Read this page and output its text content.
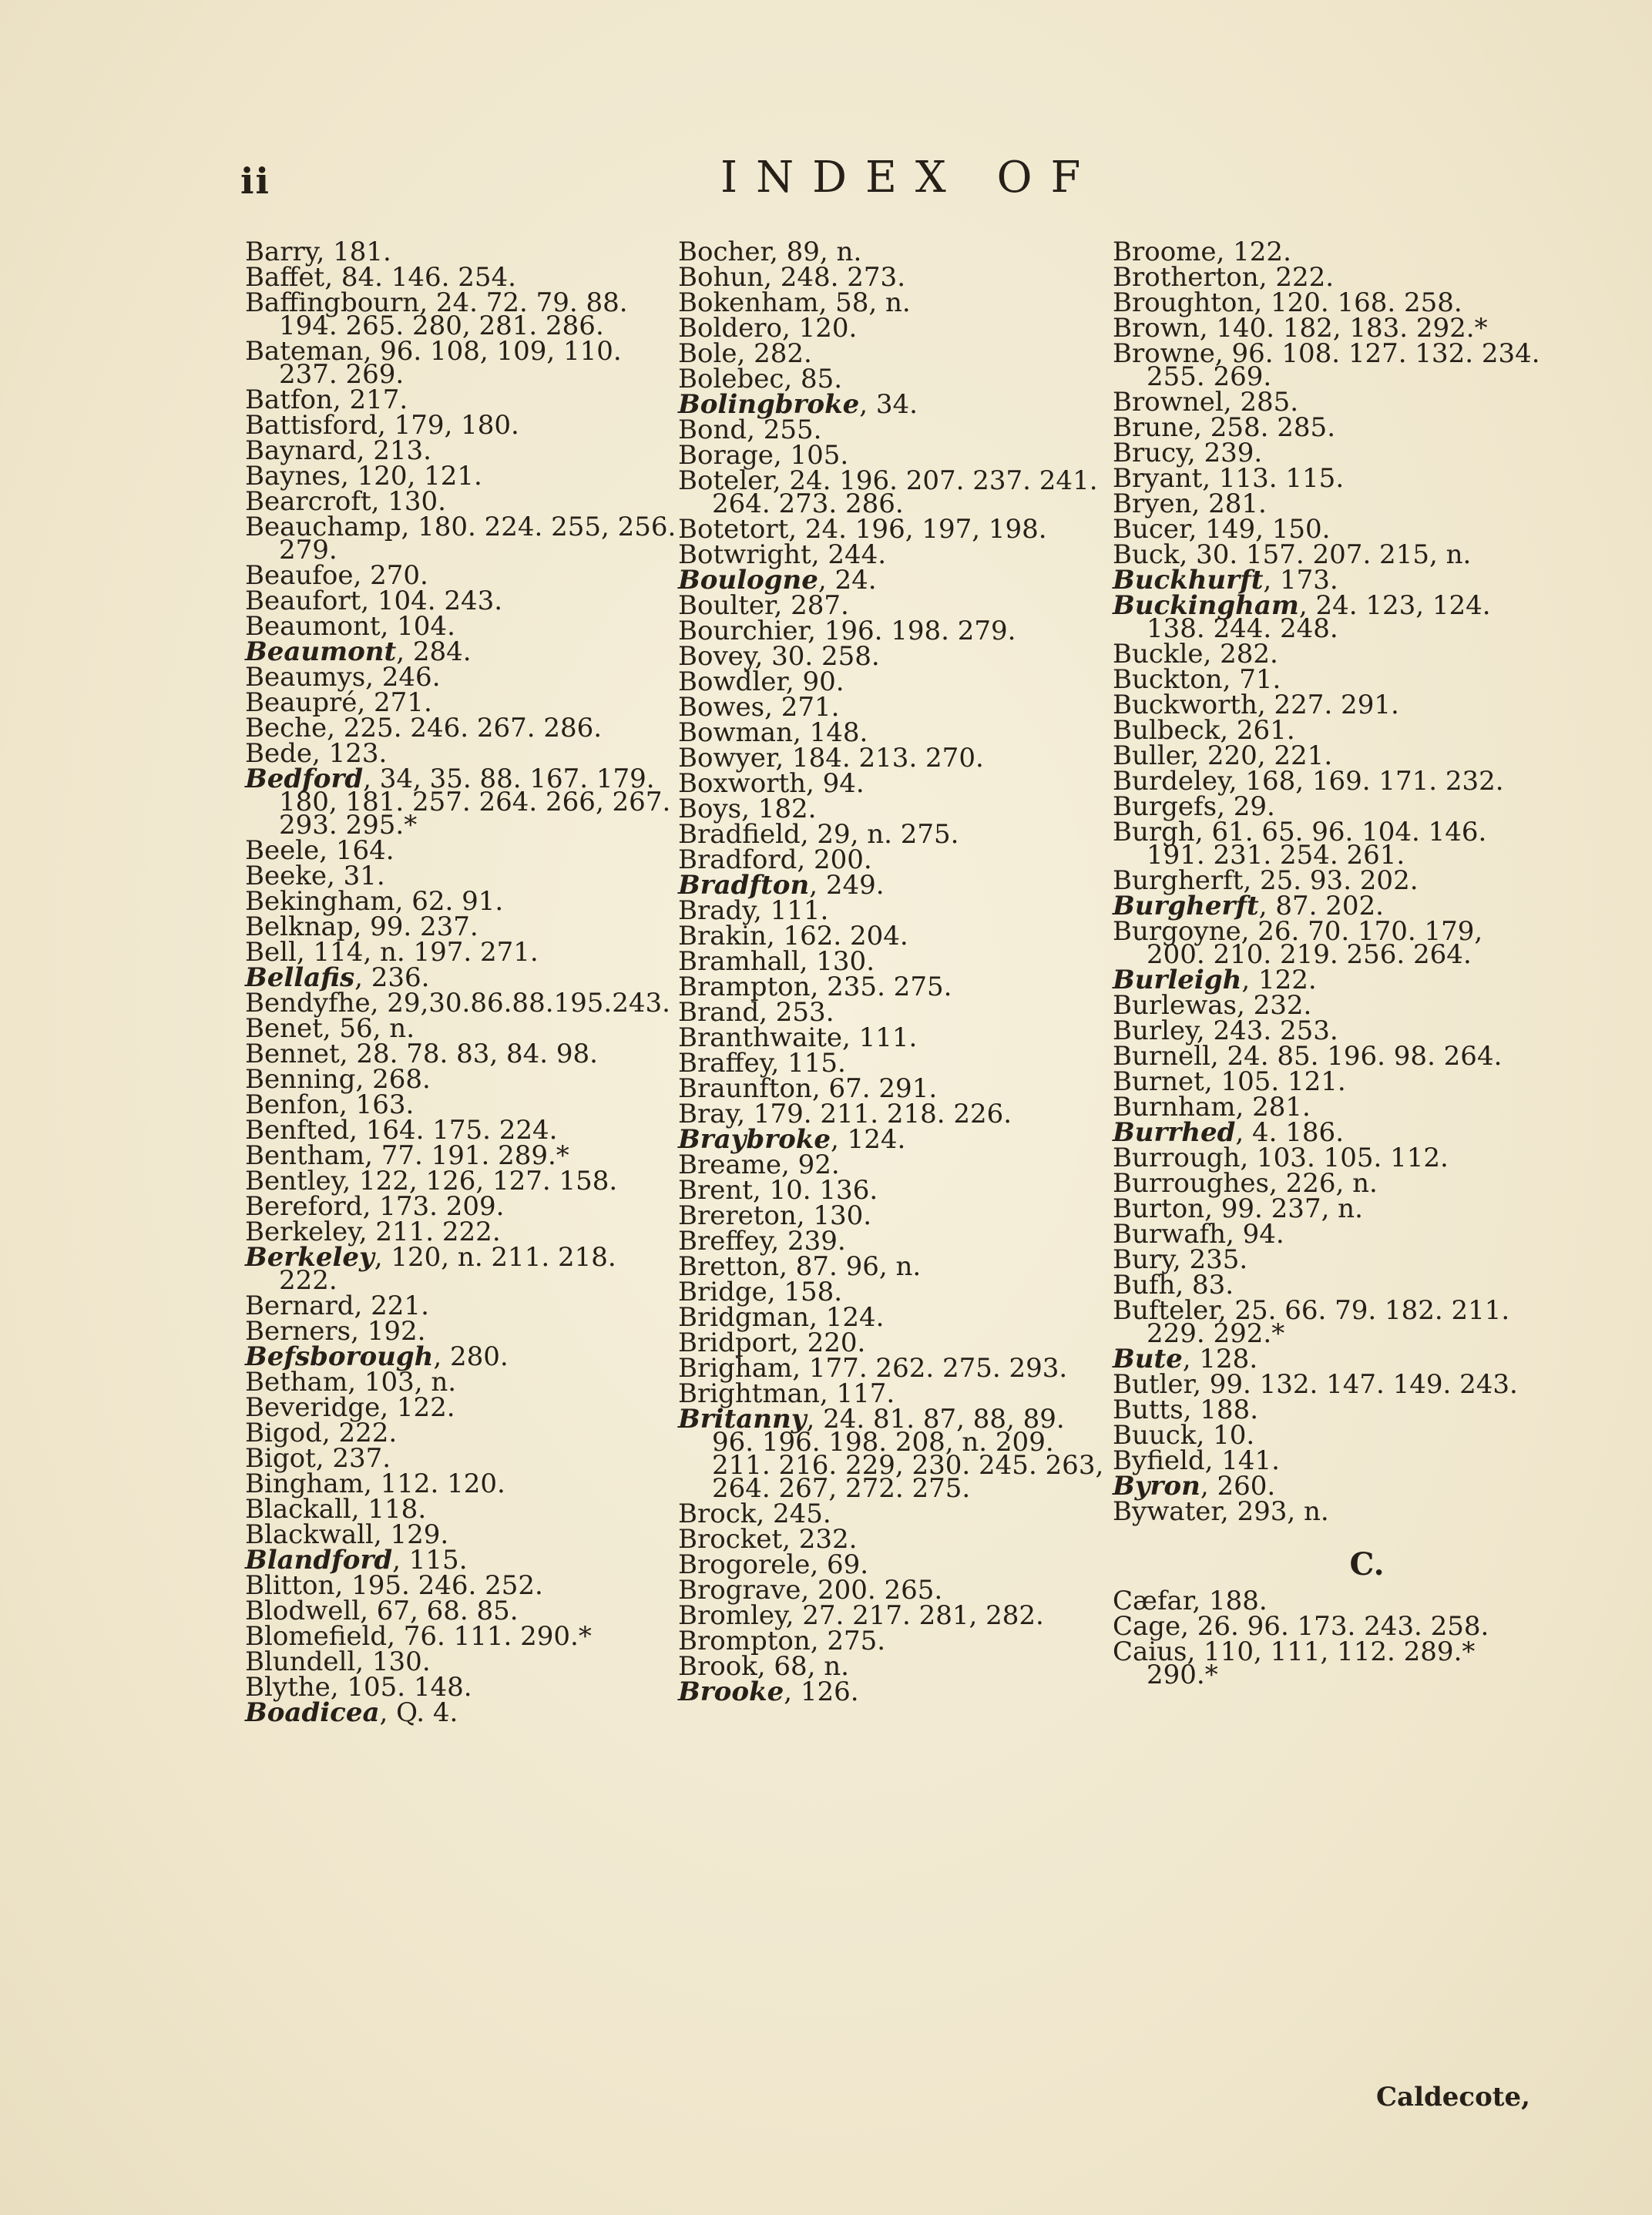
ii	INDEX OF
Barry, 181.
Baffet, 84. 146. 254.
Baffingbourn, 24. 72. 79. 88. 194. 265. 280, 281. 286.
Bateman, 96. 108, 109, 110. 237. 269.
Batfon, 217.
Battisford, 179, 180.
Baynard, 213.
Baynes, 120, 121.
Bearcroft, 130.
Beauchamp, 180. 224. 255, 256. 279.
Beaufoe, 270.
Beaufort, 104. 243.
Beaumont, 104.
Beaumont, 284.
Beaumys, 246.
Beaupré, 271.
Beche, 225. 246. 267. 286.
Bede, 123.
Bedford, 34, 35. 88. 167. 179. 180, 181. 257. 264. 266, 267. 293. 295.*
Beele, 164.
Beeke, 31.
Bekingham, 62. 91.
Belknap, 99. 237.
Bell, 114, n. 197. 271.
Bellafis, 236.
Bendyfhe, 29,30.86.88.195.243.
Benet, 56, n.
Bennet, 28. 78. 83, 84. 98.
Benning, 268.
Benfon, 163.
Benfted, 164. 175. 224.
Bentham, 77. 191. 289.*
Bentley, 122, 126, 127. 158.
Bereford, 173. 209.
Berkeley, 211. 222.
Berkeley, 120, n. 211. 218. 222.
Bernard, 221.
Berners, 192.
Befsborough, 280.
Betham, 103, n.
Beveridge, 122.
Bigod, 222.
Bigot, 237.
Bingham, 112. 120.
Blackall, 118.
Blackwall, 129.
Blandford, 115.
Blitton, 195. 246. 252.
Blodwell, 67, 68. 85.
Blomefield, 76. 111. 290.*
Blundell, 130.
Blythe, 105. 148.
Boadicea, Q. 4.
Bocher, 89, n.
Bohun, 248. 273.
Bokenham, 58, n.
Boldero, 120.
Bole, 282.
Bolebec, 85.
Bolingbroke, 34.
Bond, 255.
Borage, 105.
Boteler, 24. 196. 207. 237. 241. 264. 273. 286.
Botetort, 24. 196, 197, 198.
Botwright, 244.
Boulogne, 24.
Boulter, 287.
Bourchier, 196. 198. 279.
Bovey, 30. 258.
Bowdler, 90.
Bowes, 271.
Bowman, 148.
Bowyer, 184. 213. 270.
Boxworth, 94.
Boys, 182.
Bradfield, 29, n. 275.
Bradford, 200.
Bradfton, 249.
Brady, 111.
Brakin, 162. 204.
Bramhall, 130.
Brampton, 235. 275.
Brand, 253.
Branthwaite, 111.
Braffey, 115.
Braunfton, 67. 291.
Bray, 179. 211. 218. 226.
Braybroke, 124.
Breame, 92.
Brent, 10. 136.
Brereton, 130.
Breffey, 239.
Bretton, 87. 96, n.
Bridge, 158.
Bridgman, 124.
Bridport, 220.
Brigham, 177. 262. 275. 293.
Brightman, 117.
Britanny, 24. 81. 87, 88, 89. 96. 196. 198. 208, n. 209. 211. 216. 229, 230. 245. 263, 264. 267, 272. 275.
Brock, 245.
Brocket, 232.
Brogorele, 69.
Brograve, 200. 265.
Bromley, 27. 217. 281, 282.
Brompton, 275.
Brook, 68, n.
Brooke, 126.
Broome, 122.
Brotherton, 222.
Broughton, 120. 168. 258.
Brown, 140. 182, 183. 292.*
Browne, 96. 108. 127. 132. 234. 255. 269.
Brownel, 285.
Brune, 258. 285.
Brucy, 239.
Bryant, 113. 115.
Bryen, 281.
Bucer, 149, 150.
Buck, 30. 157. 207. 215, n.
Buckhurft, 173.
Buckingham, 24. 123, 124. 138. 244. 248.
Buckle, 282.
Buckton, 71.
Buckworth, 227. 291.
Bulbeck, 261.
Buller, 220, 221.
Burdeley, 168, 169. 171. 232.
Burgefs, 29.
Burgh, 61. 65. 96. 104. 146. 191. 231. 254. 261.
Burgherft, 25. 93. 202.
Burgherft, 87. 202.
Burgoyne, 26. 70. 170. 179, 200. 210. 219. 256. 264.
Burleigh, 122.
Burlewas, 232.
Burley, 243. 253.
Burnell, 24. 85. 196. 98. 264.
Burnet, 105. 121.
Burnham, 281.
Burrhed, 4. 186.
Burrough, 103. 105. 112.
Burroughes, 226, n.
Burton, 99. 237, n.
Burwafh, 94.
Bury, 235.
Bufh, 83.
Bufteler, 25. 66. 79. 182. 211. 229. 292.*
Bute, 128.
Butler, 99. 132. 147. 149. 243.
Butts, 188.
Buuck, 10.
Byfield, 141.
Byron, 260.
Bywater, 293, n.
C.
Cæfar, 188.
Cage, 26. 96. 173. 243. 258.
Caius, 110, 111, 112. 289.* 290.*
Caldecote,
